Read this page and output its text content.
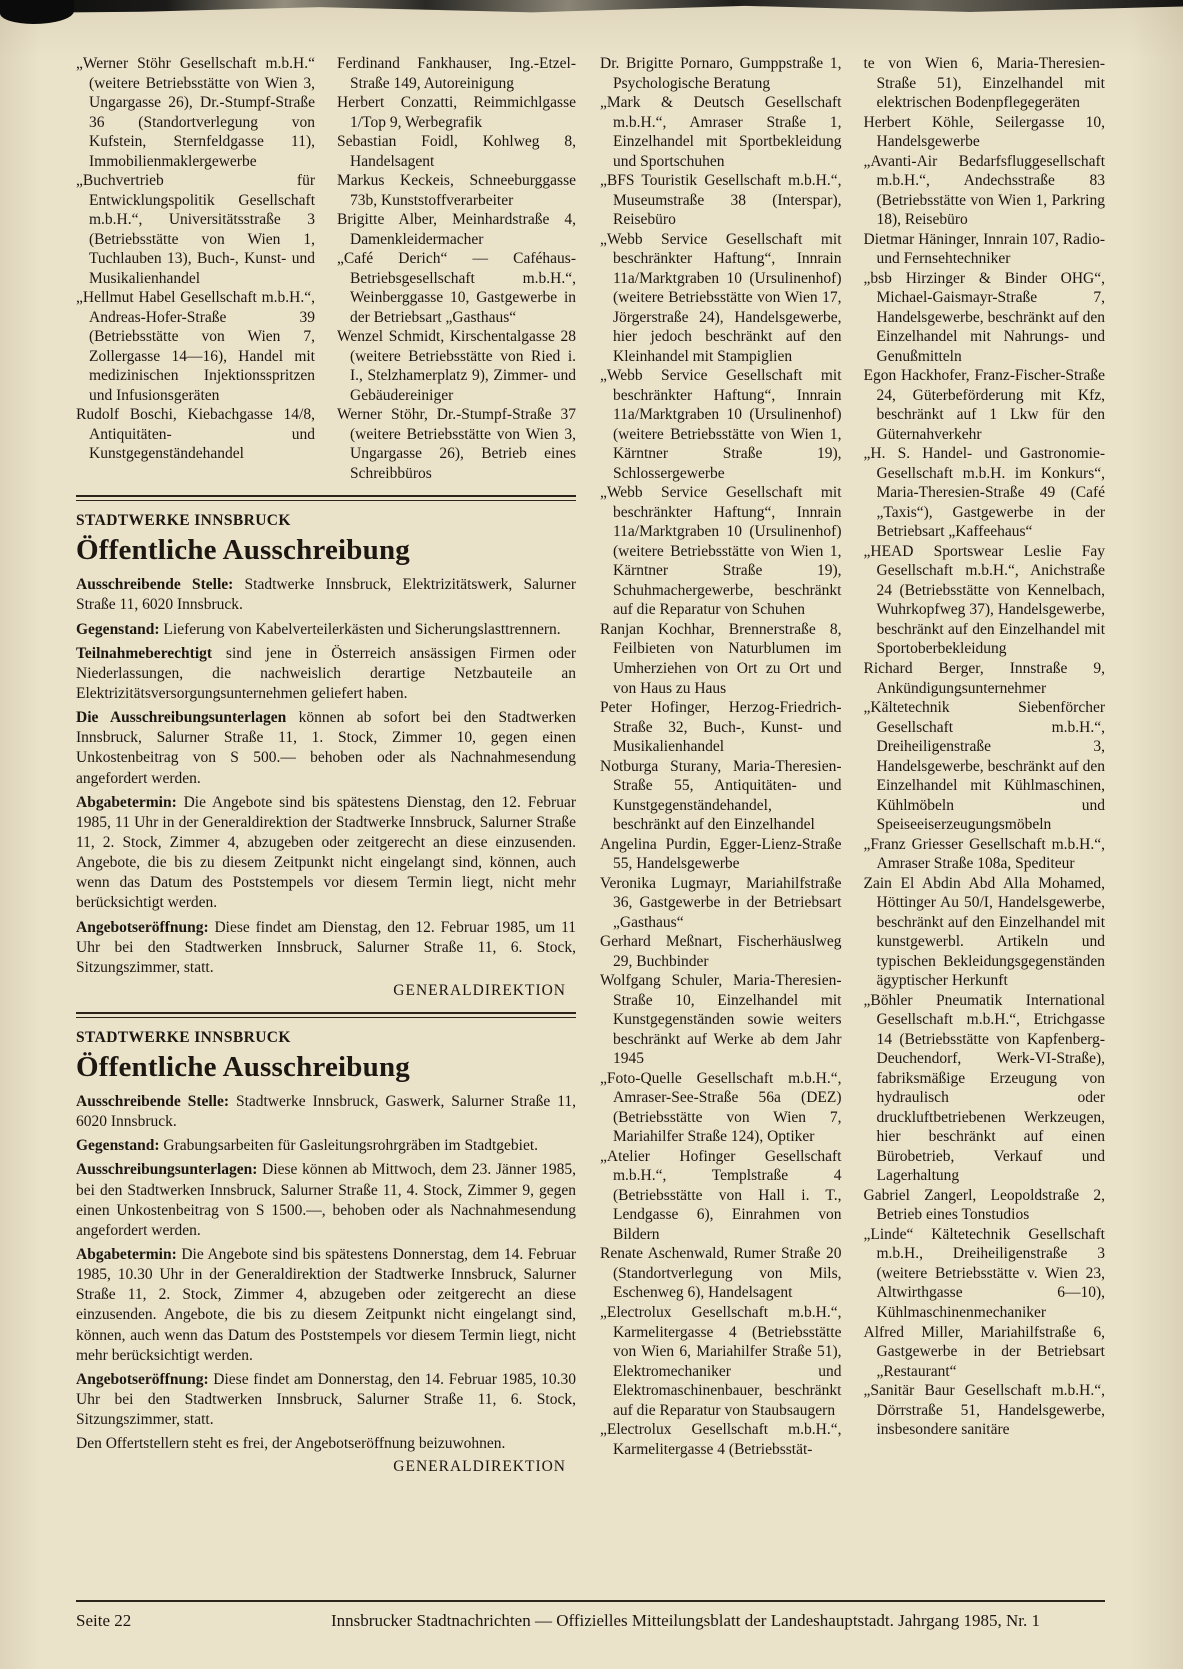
„Werner Stöhr Gesellschaft m.b.H.“ (weitere Betriebsstätte von Wien 3, Ungargasse 26), Dr.-Stumpf-Straße 36 (Standortverlegung von Kufstein, Sternfeldgasse 11), Immobilienmaklergewerbe

„Buchvertrieb für Entwicklungspolitik Gesellschaft m.b.H.“, Universitätsstraße 3 (Betriebsstätte von Wien 1, Tuchlauben 13), Buch-, Kunst- und Musikalienhandel

„Hellmut Habel Gesellschaft m.b.H.“, Andreas-Hofer-Straße 39 (Betriebsstätte von Wien 7, Zollergasse 14—16), Handel mit medizinischen Injektionsspritzen und Infusionsgeräten

Rudolf Boschi, Kiebachgasse 14/8, Antiquitäten- und Kunstgegenständehandel

Ferdinand Fankhauser, Ing.-Etzel-Straße 149, Autoreinigung

Herbert Conzatti, Reimmichlgasse 1/Top 9, Werbegrafik

Sebastian Foidl, Kohlweg 8, Handelsagent

Markus Keckeis, Schneeburggasse 73b, Kunststoffverarbeiter

Brigitte Alber, Meinhardstraße 4, Damenkleidermacher

„Café Derich“ — Caféhaus-Betriebsgesellschaft m.b.H.“, Weinberggasse 10, Gastgewerbe in der Betriebsart „Gasthaus“

Wenzel Schmidt, Kirschentalgasse 28 (weitere Betriebsstätte von Ried i. I., Stelzhamerplatz 9), Zimmer- und Gebäudereiniger

Werner Stöhr, Dr.-Stumpf-Straße 37 (weitere Betriebsstätte von Wien 3, Ungargasse 26), Betrieb eines Schreibbüros

STADTWERKE INNSBRUCK
Öffentliche Ausschreibung

Ausschreibende Stelle: Stadtwerke Innsbruck, Elektrizitätswerk, Salurner Straße 11, 6020 Innsbruck.

Gegenstand: Lieferung von Kabelverteilerkästen und Sicherungslasttrennern.

Teilnahmeberechtigt sind jene in Österreich ansässigen Firmen oder Niederlassungen, die nachweislich derartige Netzbauteile an Elektrizitätsversorgungsunternehmen geliefert haben.

Die Ausschreibungsunterlagen können ab sofort bei den Stadtwerken Innsbruck, Salurner Straße 11, 1. Stock, Zimmer 10, gegen einen Unkostenbeitrag von S 500.— behoben oder als Nachnahmesendung angefordert werden.

Abgabetermin: Die Angebote sind bis spätestens Dienstag, den 12. Februar 1985, 11 Uhr in der Generaldirektion der Stadtwerke Innsbruck, Salurner Straße 11, 2. Stock, Zimmer 4, abzugeben oder zeitgerecht an diese einzusenden. Angebote, die bis zu diesem Zeitpunkt nicht eingelangt sind, können, auch wenn das Datum des Poststempels vor diesem Termin liegt, nicht mehr berücksichtigt werden.

Angebotseröffnung: Diese findet am Dienstag, den 12. Februar 1985, um 11 Uhr bei den Stadtwerken Innsbruck, Salurner Straße 11, 6. Stock, Sitzungszimmer, statt.

GENERALDIREKTION

STADTWERKE INNSBRUCK
Öffentliche Ausschreibung

Ausschreibende Stelle: Stadtwerke Innsbruck, Gaswerk, Salurner Straße 11, 6020 Innsbruck.

Gegenstand: Grabungsarbeiten für Gasleitungsrohrgräben im Stadtgebiet.

Ausschreibungsunterlagen: Diese können ab Mittwoch, dem 23. Jänner 1985, bei den Stadtwerken Innsbruck, Salurner Straße 11, 4. Stock, Zimmer 9, gegen einen Unkostenbeitrag von S 1500.—, behoben oder als Nachnahmesendung angefordert werden.

Abgabetermin: Die Angebote sind bis spätestens Donnerstag, dem 14. Februar 1985, 10.30 Uhr in der Generaldirektion der Stadtwerke Innsbruck, Salurner Straße 11, 2. Stock, Zimmer 4, abzugeben oder zeitgerecht an diese einzusenden. Angebote, die bis zu diesem Zeitpunkt nicht eingelangt sind, können, auch wenn das Datum des Poststempels vor diesem Termin liegt, nicht mehr berücksichtigt werden.

Angebotseröffnung: Diese findet am Donnerstag, den 14. Februar 1985, 10.30 Uhr bei den Stadtwerken Innsbruck, Salurner Straße 11, 6. Stock, Sitzungszimmer, statt.

Den Offertstellern steht es frei, der Angebotseröffnung beizuwohnen.

GENERALDIREKTION

Dr. Brigitte Pornaro, Gumppstraße 1, Psychologische Beratung

„Mark & Deutsch Gesellschaft m.b.H.“, Amraser Straße 1, Einzelhandel mit Sportbekleidung und Sportschuhen

„BFS Touristik Gesellschaft m.b.H.“, Museumstraße 38 (Interspar), Reisebüro

„Webb Service Gesellschaft mit beschränkter Haftung“, Innrain 11a/Marktgraben 10 (Ursulinenhof) (weitere Betriebsstätte von Wien 17, Jörgerstraße 24), Handelsgewerbe, hier jedoch beschränkt auf den Kleinhandel mit Stampiglien

„Webb Service Gesellschaft mit beschränkter Haftung“, Innrain 11a/Marktgraben 10 (Ursulinenhof) (weitere Betriebsstätte von Wien 1, Kärntner Straße 19), Schlossergewerbe

„Webb Service Gesellschaft mit beschränkter Haftung“, Innrain 11a/Marktgraben 10 (Ursulinenhof) (weitere Betriebsstätte von Wien 1, Kärntner Straße 19), Schuhmachergewerbe, beschränkt auf die Reparatur von Schuhen

Ranjan Kochhar, Brennerstraße 8, Feilbieten von Naturblumen im Umherziehen von Ort zu Ort und von Haus zu Haus

Peter Hofinger, Herzog-Friedrich-Straße 32, Buch-, Kunst- und Musikalienhandel

Notburga Sturany, Maria-Theresien-Straße 55, Antiquitäten- und Kunstgegenständehandel, beschränkt auf den Einzelhandel

Angelina Purdin, Egger-Lienz-Straße 55, Handelsgewerbe

Veronika Lugmayr, Mariahilfstraße 36, Gastgewerbe in der Betriebsart „Gasthaus“

Gerhard Meßnart, Fischerhäuslweg 29, Buchbinder

Wolfgang Schuler, Maria-Theresien-Straße 10, Einzelhandel mit Kunstgegenständen sowie weiters beschränkt auf Werke ab dem Jahr 1945

„Foto-Quelle Gesellschaft m.b.H.“, Amraser-See-Straße 56a (DEZ) (Betriebsstätte von Wien 7, Mariahilfer Straße 124), Optiker

„Atelier Hofinger Gesellschaft m.b.H.“, Templstraße 4 (Betriebsstätte von Hall i. T., Lendgasse 6), Einrahmen von Bildern

Renate Aschenwald, Rumer Straße 20 (Standortverlegung von Mils, Eschenweg 6), Handelsagent

„Electrolux Gesellschaft m.b.H.“, Karmelitergasse 4 (Betriebsstätte von Wien 6, Mariahilfer Straße 51), Elektromechaniker und Elektromaschinenbauer, beschränkt auf die Reparatur von Staubsaugern

„Electrolux Gesellschaft m.b.H.“, Karmelitergasse 4 (Betriebsstät-

te von Wien 6, Maria-Theresien-Straße 51), Einzelhandel mit elektrischen Bodenpflegegeräten

Herbert Köhle, Seilergasse 10, Handelsgewerbe

„Avanti-Air Bedarfsfluggesellschaft m.b.H.“, Andechsstraße 83 (Betriebsstätte von Wien 1, Parkring 18), Reisebüro

Dietmar Häninger, Innrain 107, Radio- und Fernsehtechniker

„bsb Hirzinger & Binder OHG“, Michael-Gaismayr-Straße 7, Handelsgewerbe, beschränkt auf den Einzelhandel mit Nahrungs- und Genußmitteln

Egon Hackhofer, Franz-Fischer-Straße 24, Güterbeförderung mit Kfz, beschränkt auf 1 Lkw für den Güternahverkehr

„H. S. Handel- und Gastronomie-Gesellschaft m.b.H. im Konkurs“, Maria-Theresien-Straße 49 (Café „Taxis“), Gastgewerbe in der Betriebsart „Kaffeehaus“

„HEAD Sportswear Leslie Fay Gesellschaft m.b.H.“, Anichstraße 24 (Betriebsstätte von Kennelbach, Wuhrkopfweg 37), Handelsgewerbe, beschränkt auf den Einzelhandel mit Sportoberbekleidung

Richard Berger, Innstraße 9, Ankündigungsunternehmer

„Kältetechnik Siebenförcher Gesellschaft m.b.H.“, Dreiheiligenstraße 3, Handelsgewerbe, beschränkt auf den Einzelhandel mit Kühlmaschinen, Kühlmöbeln und Speiseeiserzeugungsmöbeln

„Franz Griesser Gesellschaft m.b.H.“, Amraser Straße 108a, Spediteur

Zain El Abdin Abd Alla Mohamed, Höttinger Au 50/I, Handelsgewerbe, beschränkt auf den Einzelhandel mit kunstgewerbl. Artikeln und typischen Bekleidungsgegenständen ägyptischer Herkunft

„Böhler Pneumatik International Gesellschaft m.b.H.“, Etrichgasse 14 (Betriebsstätte von Kapfenberg-Deuchendorf, Werk-VI-Straße), fabriksmäßige Erzeugung von hydraulisch oder druckluftbetriebenen Werkzeugen, hier beschränkt auf einen Bürobetrieb, Verkauf und Lagerhaltung

Gabriel Zangerl, Leopoldstraße 2, Betrieb eines Tonstudios

„Linde“ Kältetechnik Gesellschaft m.b.H., Dreiheiligenstraße 3 (weitere Betriebsstätte v. Wien 23, Altwirthgasse 6—10), Kühlmaschinenmechaniker

Alfred Miller, Mariahilfstraße 6, Gastgewerbe in der Betriebsart „Restaurant“

„Sanitär Baur Gesellschaft m.b.H.“, Dörrstraße 51, Handelsgewerbe, insbesondere sanitäre

Seite 22	Innsbrucker Stadtnachrichten — Offizielles Mitteilungsblatt der Landeshauptstadt. Jahrgang 1985, Nr. 1
